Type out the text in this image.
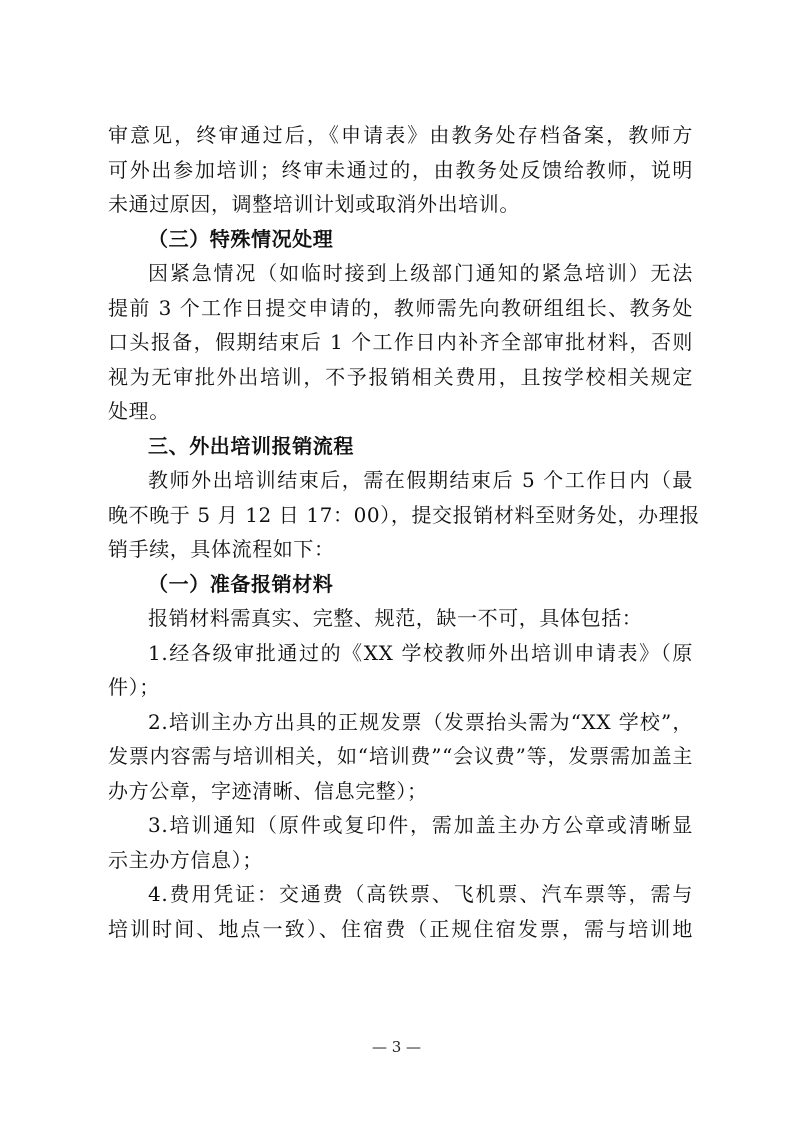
审意见，终审通过后，《申请表》由教务处存档备案，教师方
可外出参加培训；终审未通过的，由教务处反馈给教师，说明
未通过原因，调整培训计划或取消外出培训。
（三）特殊情况处理
因紧急情况（如临时接到上级部门通知的紧急培训）无法
提前 3 个工作日提交申请的，教师需先向教研组组长、教务处
口头报备，假期结束后 1 个工作日内补齐全部审批材料，否则
视为无审批外出培训，不予报销相关费用，且按学校相关规定
处理。
三、外出培训报销流程
教师外出培训结束后，需在假期结束后 5 个工作日内（最
晚不晚于 5 月 12 日 17：00），提交报销材料至财务处，办理报
销手续，具体流程如下：
（一）准备报销材料
报销材料需真实、完整、规范，缺一不可，具体包括：
1.经各级审批通过的《XX 学校教师外出培训申请表》（原
件）；
2.培训主办方出具的正规发票（发票抬头需为“XX 学校”，
发票内容需与培训相关，如“培训费”“会议费”等，发票需加盖主
办方公章，字迹清晰、信息完整）；
3.培训通知（原件或复印件，需加盖主办方公章或清晰显
示主办方信息）；
4.费用凭证：交通费（高铁票、飞机票、汽车票等，需与
培训时间、地点一致）、住宿费（正规住宿发票，需与培训地
— 3 —
